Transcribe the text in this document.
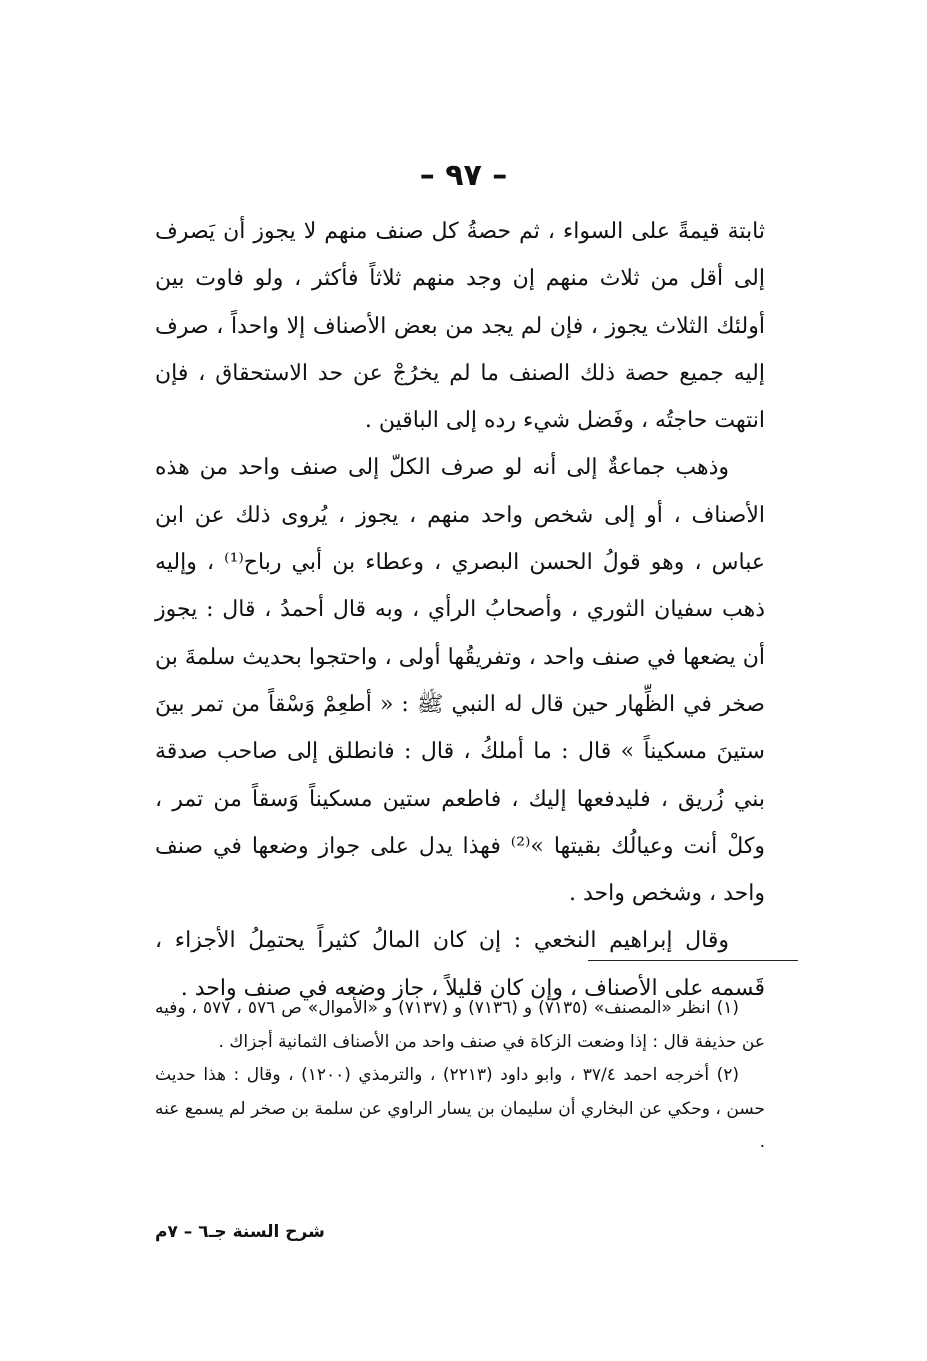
– ٩٧ –

ثابتة قيمةً على السواء ، ثم حصةُ كل صنف منهم لا يجوز أن يَصرف إلى أقل من ثلاث منهم إن وجد منهم ثلاثاً فأكثر ، ولو فاوت بين أولئك الثلاث يجوز ، فإن لم يجد من بعض الأصناف إلا واحداً ، صرف إليه جميع حصة ذلك الصنف ما لم يخرُجْ عن حد الاستحقاق ، فإن انتهت حاجتُه ، وفَضل شيء رده إلى الباقين .

وذهب جماعةٌ إلى أنه لو صرف الكلّ إلى صنف واحد من هذه الأصناف ، أو إلى شخص واحد منهم ، يجوز ، يُروى ذلك عن ابن عباس ، وهو قولُ الحسن البصري ، وعطاء بن أبي رباح⁽¹⁾ ، وإليه ذهب سفيان الثوري ، وأصحابُ الرأي ، وبه قال أحمدُ ، قال : يجوز أن يضعها في صنف واحد ، وتفريقُها أولى ، واحتجوا بحديث سلمةَ بن صخر في الظِّهار حين قال له النبي ﷺ : « أطعِمْ وَسْقاً من تمر بينَ ستينَ مسكيناً » قال : ما أملكُ ، قال : فانطلق إلى صاحب صدقة بني زُريق ، فليدفعها إليك ، فاطعم ستين مسكيناً وَسقاً من تمر ، وكلْ أنت وعيالُك بقيتها »⁽²⁾ فهذا يدل على جواز وضعها في صنف واحد ، وشخص واحد .

وقال إبراهيم النخعي : إن كان المالُ كثيراً يحتمِلُ الأجزاء ، قَسمه على الأصناف ، وإن كان قليلاً ، جاز وضعه في صنف واحد .

(١) انظر «المصنف» (٧١٣٥) و (٧١٣٦) و (٧١٣٧) و «الأموال» ص ٥٧٦ ، ٥٧٧ ، وفيه عن حذيفة قال : إذا وضعت الزكاة في صنف واحد من الأصناف الثمانية أجزاك .

(٢) أخرجه احمد ٣٧/٤ ، وابو داود (٢٢١٣) ، والترمذي (١٢٠٠) ، وقال : هذا حديث حسن ، وحكي عن البخاري أن سليمان بن يسار الراوي عن سلمة بن صخر لم يسمع عنه .

شرح السنة جـ٦ – ٧م
